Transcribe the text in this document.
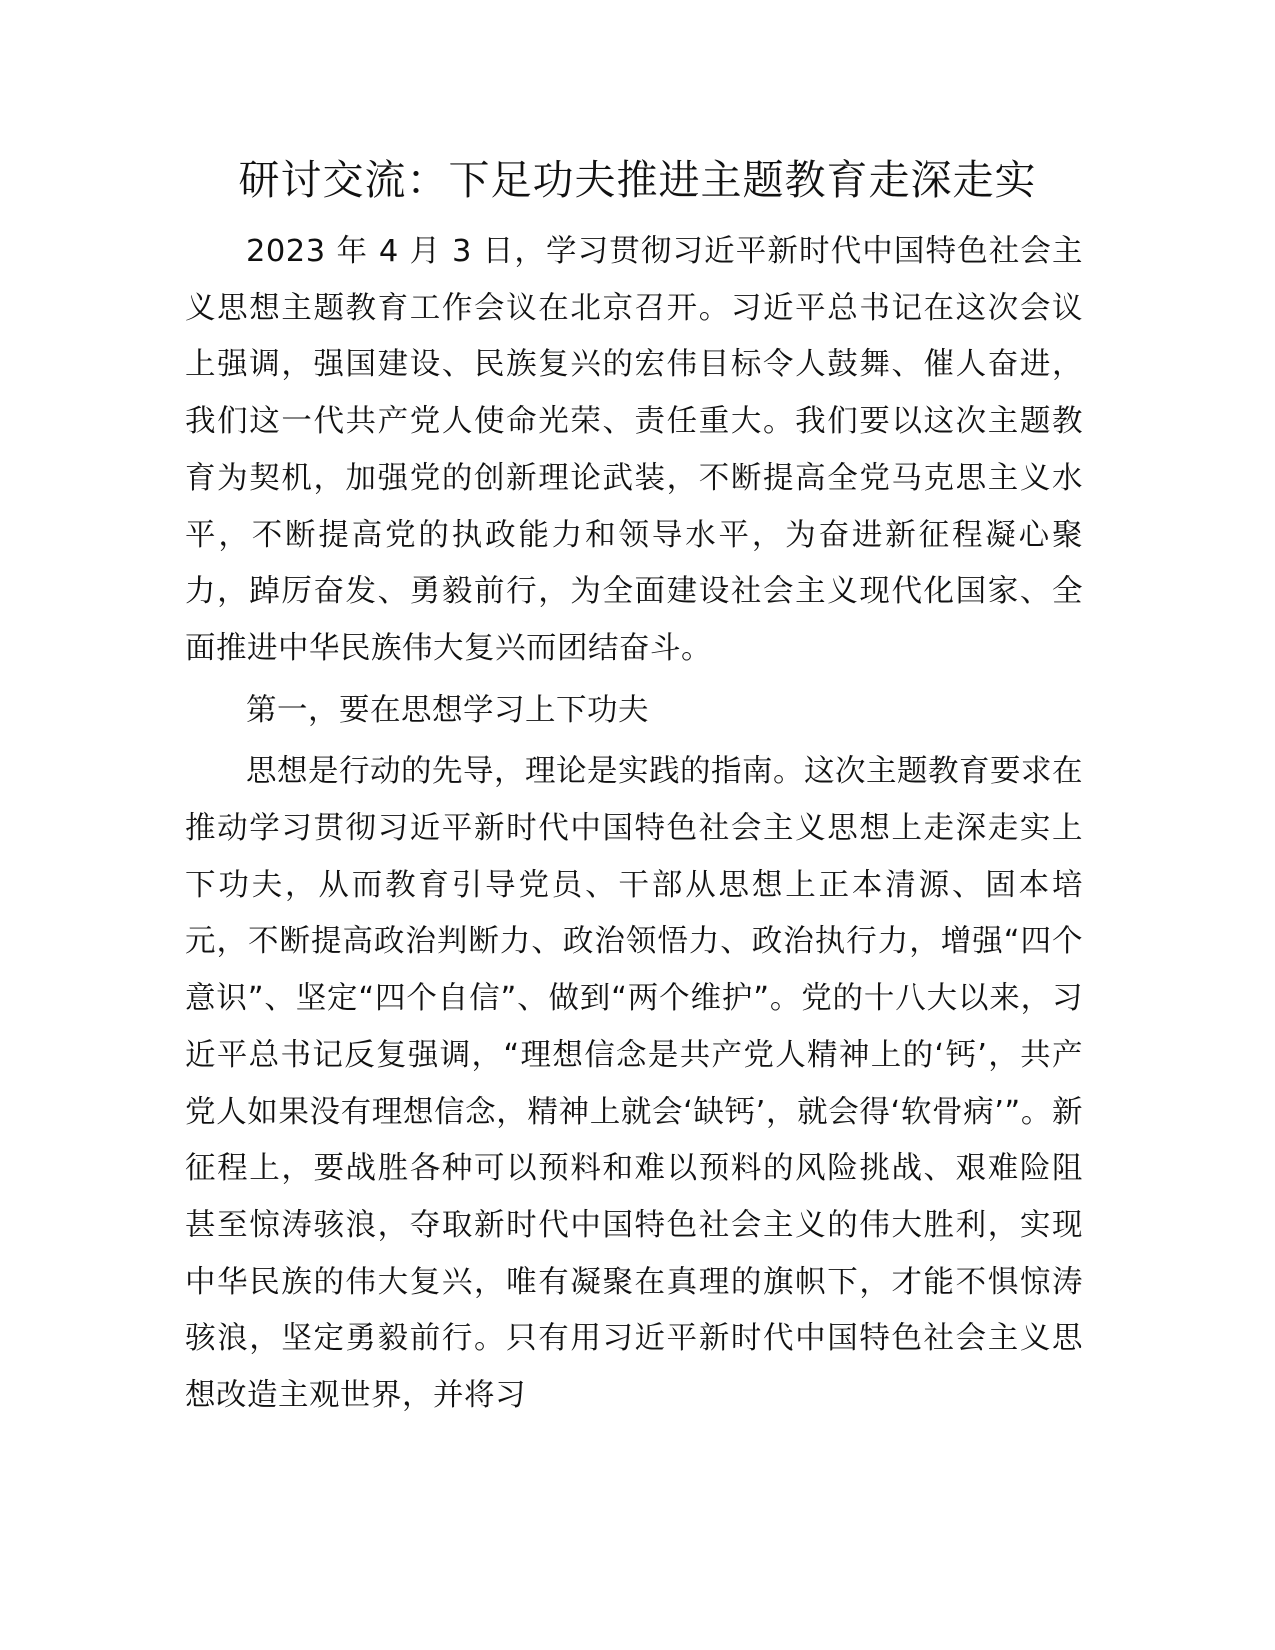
研讨交流：下足功夫推进主题教育走深走实

2023 年 4 月 3 日，学习贯彻习近平新时代中国特色社会主义思想主题教育工作会议在北京召开。习近平总书记在这次会议上强调，强国建设、民族复兴的宏伟目标令人鼓舞、催人奋进，我们这一代共产党人使命光荣、责任重大。我们要以这次主题教育为契机，加强党的创新理论武装，不断提高全党马克思主义水平，不断提高党的执政能力和领导水平，为奋进新征程凝心聚力，踔厉奋发、勇毅前行，为全面建设社会主义现代化国家、全面推进中华民族伟大复兴而团结奋斗。

第一，要在思想学习上下功夫

思想是行动的先导，理论是实践的指南。这次主题教育要求在推动学习贯彻习近平新时代中国特色社会主义思想上走深走实上下功夫，从而教育引导党员、干部从思想上正本清源、固本培元，不断提高政治判断力、政治领悟力、政治执行力，增强“四个意识”、坚定“四个自信”、做到“两个维护”。党的十八大以来，习近平总书记反复强调，“理想信念是共产党人精神上的‘钙’，共产党人如果没有理想信念，精神上就会‘缺钙’，就会得‘软骨病’”。新征程上，要战胜各种可以预料和难以预料的风险挑战、艰难险阻甚至惊涛骇浪，夺取新时代中国特色社会主义的伟大胜利，实现中华民族的伟大复兴，唯有凝聚在真理的旗帜下，才能不惧惊涛骇浪，坚定勇毅前行。只有用习近平新时代中国特色社会主义思想改造主观世界，并将习
